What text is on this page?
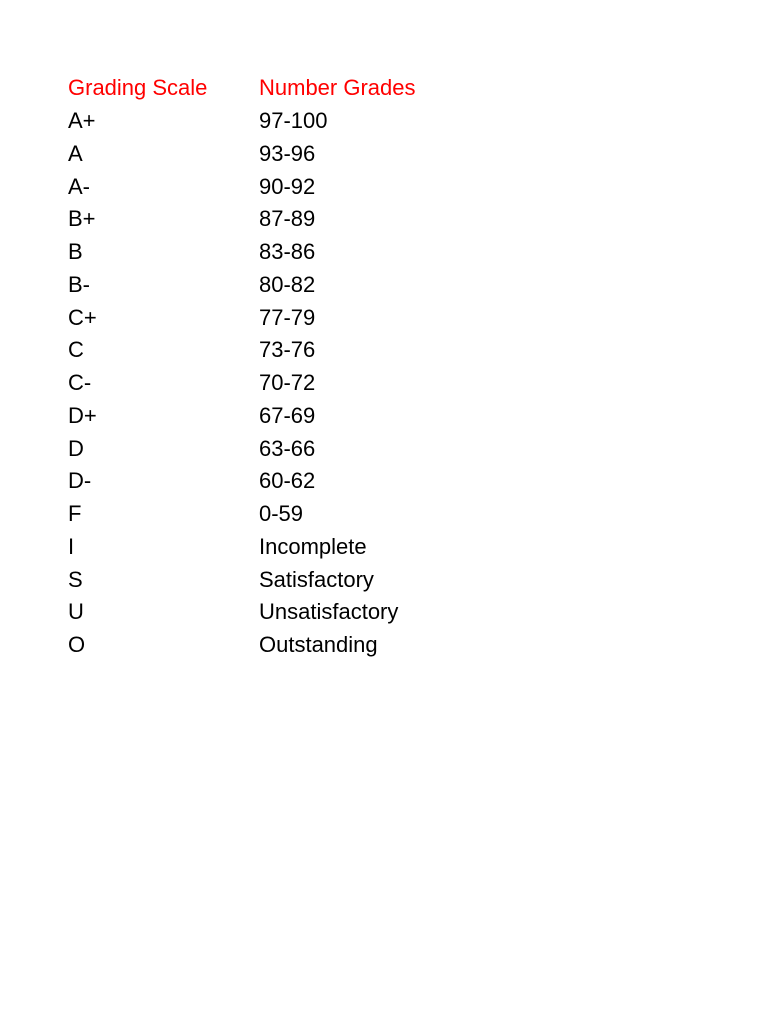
Grading Scale	Number Grades
A+	97-100
A	93-96
A-	90-92
B+	87-89
B	83-86
B-	80-82
C+	77-79
C	73-76
C-	70-72
D+	67-69
D	63-66
D-	60-62
F	0-59
I	Incomplete
S	Satisfactory
U	Unsatisfactory
O	Outstanding
